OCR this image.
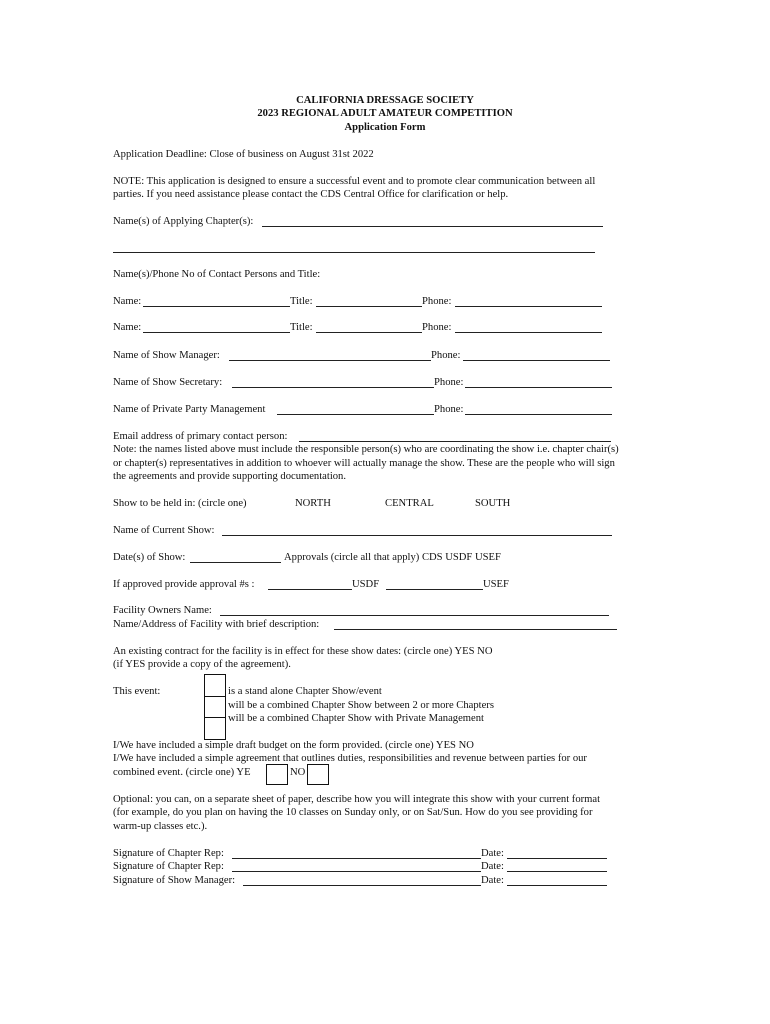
CALIFORNIA DRESSAGE SOCIETY
2023 REGIONAL ADULT AMATEUR COMPETITION
Application Form
Application Deadline: Close of business on August 31st 2022
NOTE: This application is designed to ensure a successful event and to promote clear communication between all
parties. If you need assistance please contact the CDS Central Office for clarification or help.
Name(s) of Applying Chapter(s):
Name(s)/Phone No of Contact Persons and Title:
Name:	Title:	Phone:
Name:	Title:	Phone:
Name of Show Manager:	Phone:
Name of Show Secretary:	Phone:
Name of Private Party Management	Phone:
Email address of primary contact person:
Note: the names listed above must include the responsible person(s) who are coordinating the show i.e. chapter chair(s)
or chapter(s) representatives in addition to whoever will actually manage the show. These are the people who will sign
the agreements and provide supporting documentation.
Show to be held in: (circle one)	NORTH	CENTRAL	SOUTH
Name of Current Show:
Date(s) of Show:	Approvals (circle all that apply) CDS USDF USEF
If approved provide approval #s :	USDF	USEF
Facility Owners Name:
Name/Address of Facility with brief description:
An existing contract for the facility is in effect for these show dates: (circle one) YES NO
(if YES provide a copy of the agreement).
This event:	is a stand alone Chapter Show/event
will be a combined Chapter Show between 2 or more Chapters
will be a combined Chapter Show with Private Management
I/We have included a simple draft budget on the form provided. (circle one) YES NO
I/We have included a simple agreement that outlines duties, responsibilities and revenue between parties for our
combined event. (circle one) YE	NO
Optional: you can, on a separate sheet of paper, describe how you will integrate this show with your current format
(for example, do you plan on having the 10 classes on Sunday only, or on Sat/Sun. How do you see providing for
warm-up classes etc.).
Signature of Chapter Rep:	Date:
Signature of Chapter Rep:	Date:
Signature of Show Manager:	Date:
